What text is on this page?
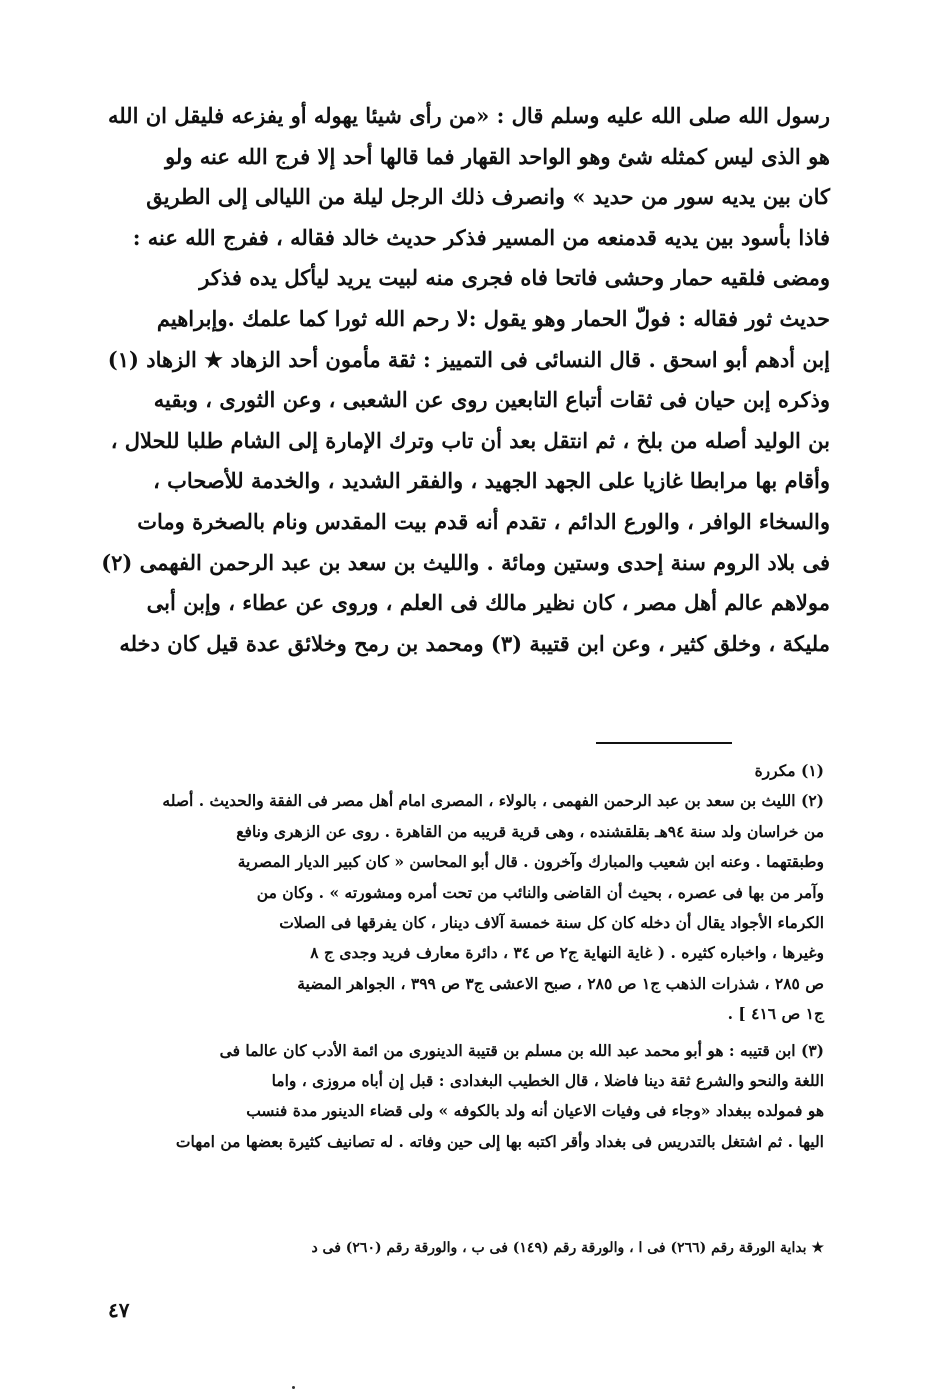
رسول الله صلى الله عليه وسلم قال : «من رأى شيئا يهوله أو يفزعه فليقل ان الله
هو الذى ليس كمثله شئ وهو الواحد القهار فما قالها أحد إلا فرج الله عنه ولو
كان بين يديه سور من حديد » وانصرف ذلك الرجل ليلة من الليالى إلى الطريق
فاذا بأسود بين يديه قدمنعه من المسير فذكر حديث خالد فقاله ، ففرج الله عنه :
ومضى فلقيه حمار وحشى فاتحا فاه فجرى منه لبيت يريد ليأكل يده فذكر
حديث ثور فقاله : فولّ الحمار وهو يقول :لا رحم الله ثورا كما علمك .وإبراهيم
إبن أدهم أبو اسحق . قال النسائى فى التمييز : ثقة مأمون أحد الزهاد ★ الزهاد (١)
وذكره إبن حيان فى ثقات أتباع التابعين روى عن الشعبى ، وعن الثورى ، وبقيه
بن الوليد أصله من بلخ ، ثم انتقل بعد أن تاب وترك الإمارة إلى الشام طلبا للحلال ،
وأقام بها مرابطا غازيا على الجهد الجهيد ، والفقر الشديد ، والخدمة للأصحاب ،
والسخاء الوافر ، والورع الدائم ، تقدم أنه قدم بيت المقدس ونام بالصخرة ومات
فى بلاد الروم سنة إحدى وستين ومائة . والليث بن سعد بن عبد الرحمن الفهمى (٢)
مولاهم عالم أهل مصر ، كان نظير مالك فى العلم ، وروى عن عطاء ، وإبن أبى
مليكة ، وخلق كثير ، وعن ابن قتيبة (٣) ومحمد بن رمح وخلائق عدة قيل كان دخله
(١) مكررة
(٢) الليث بن سعد بن عبد الرحمن الفهمى ، بالولاء ، المصرى امام أهل مصر فى الفقة والحديث . أصله
من خراسان ولد سنة ٩٤هـ بقلقشنده ، وهى قرية قريبه من القاهرة . روى عن الزهرى ونافع
وطبقتهما . وعنه ابن شعيب والمبارك وآخرون . قال أبو المحاسن « كان كبير الديار المصرية
وآمر من بها فى عصره ، بحيث أن القاضى والنائب من تحت أمره ومشورته » . وكان من
الكرماء الأجواد يقال أن دخله كان كل سنة خمسة آلاف دينار ، كان يفرقها فى الصلات
وغيرها ، واخباره كثيره . ( غاية النهاية ج٢ ص ٣٤ ، دائرة معارف فريد وجدى ج ٨
ص ٢٨٥ ، شذرات الذهب ج١ ص ٢٨٥ ، صبح الاعشى ج٣ ص ٣٩٩ ، الجواهر المضية
ج١ ص ٤١٦ ] .
(٣) ابن قتيبه : هو أبو محمد عبد الله بن مسلم بن قتيبة الدينورى من ائمة الأدب كان عالما فى
اللغة والنحو والشرع ثقة دينا فاضلا ، قال الخطيب البغدادى : قبل إن أباه مروزى ، واما
هو فمولده ببغداد «وجاء فى وفيات الاعيان أنه ولد بالكوفه » ولى قضاء الدينور مدة فنسب
اليها . ثم اشتغل بالتدريس فى بغداد وأقر اكتبه بها إلى حين وفاته . له تصانيف كثيرة بعضها من امهات
★ بداية الورقة رقم (٢٦٦) فى ا ، والورقة رقم (١٤٩) فى ب ، والورقة رقم (٢٦٠) فى د
٤٧
